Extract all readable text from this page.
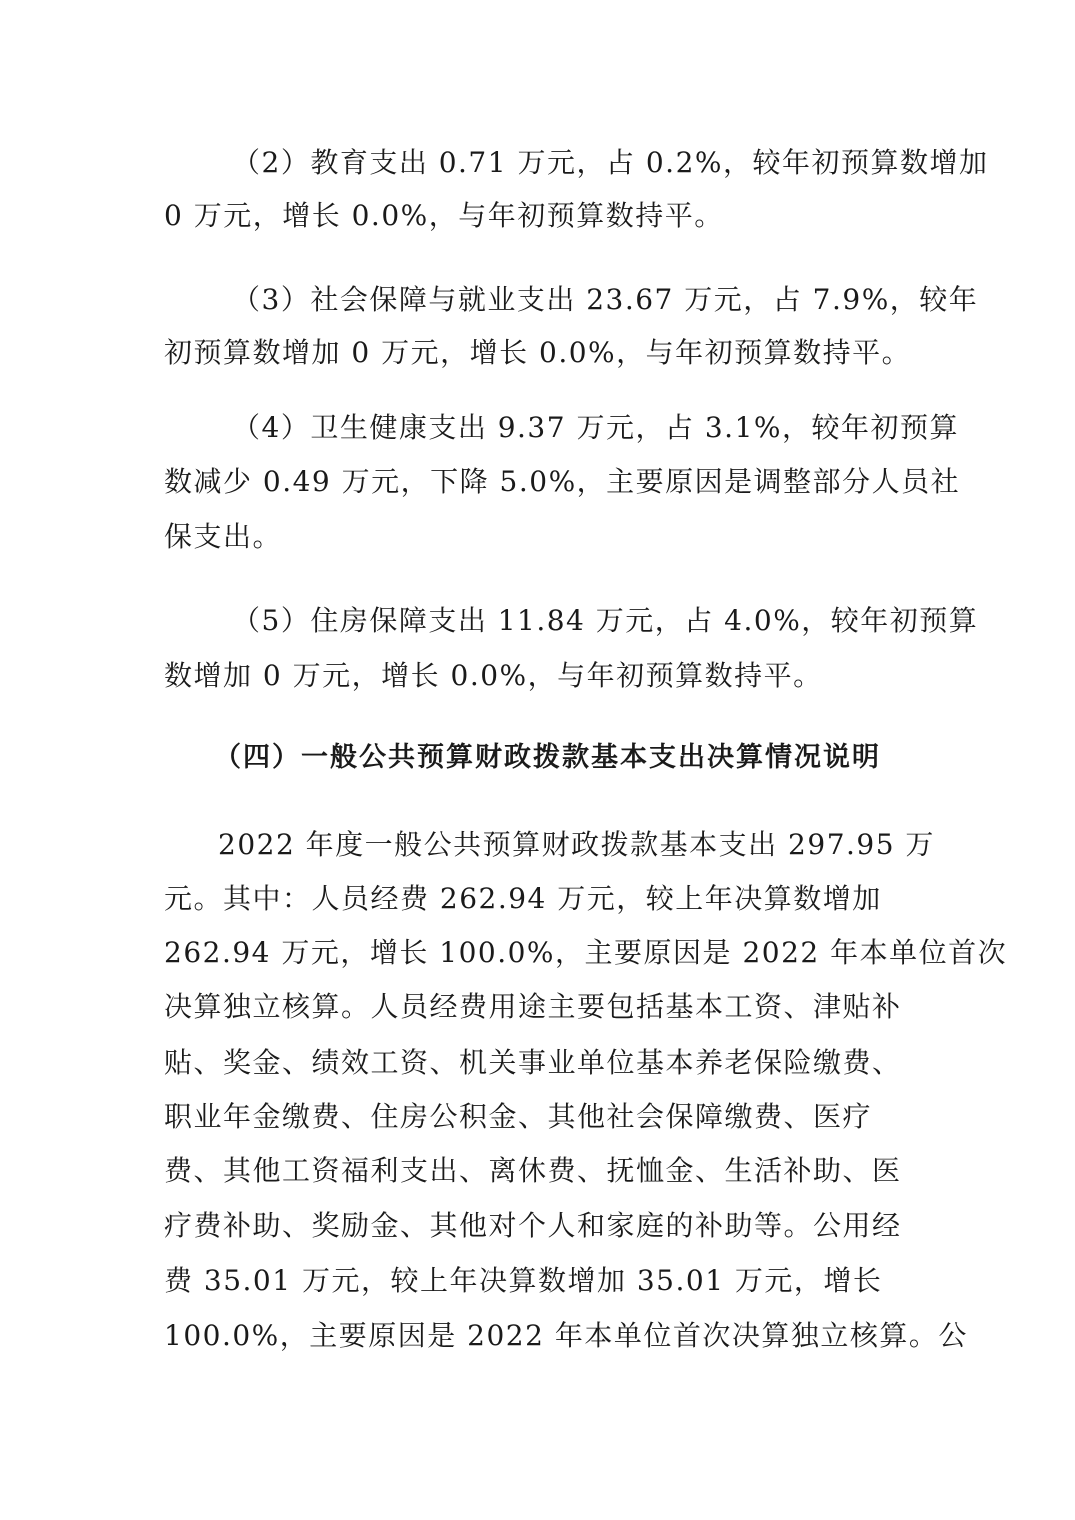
（2）教育支出 0.71 万元，占 0.2%，较年初预算数增加

0 万元，增长 0.0%，与年初预算数持平。

（3）社会保障与就业支出 23.67 万元，占 7.9%，较年

初预算数增加 0 万元，增长 0.0%，与年初预算数持平。

（4）卫生健康支出 9.37 万元，占 3.1%，较年初预算

数减少 0.49 万元，下降 5.0%，主要原因是调整部分人员社

保支出。

（5）住房保障支出 11.84 万元，占 4.0%，较年初预算

数增加 0 万元，增长 0.0%，与年初预算数持平。

（四）一般公共预算财政拨款基本支出决算情况说明

2022 年度一般公共预算财政拨款基本支出 297.95 万

元。其中：人员经费 262.94 万元，较上年决算数增加

262.94 万元，增长 100.0%，主要原因是 2022 年本单位首次

决算独立核算。人员经费用途主要包括基本工资、津贴补

贴、奖金、绩效工资、机关事业单位基本养老保险缴费、

职业年金缴费、住房公积金、其他社会保障缴费、医疗

费、其他工资福利支出、离休费、抚恤金、生活补助、医

疗费补助、奖励金、其他对个人和家庭的补助等。公用经

费 35.01 万元，较上年决算数增加 35.01 万元，增长

100.0%，主要原因是 2022 年本单位首次决算独立核算。公
